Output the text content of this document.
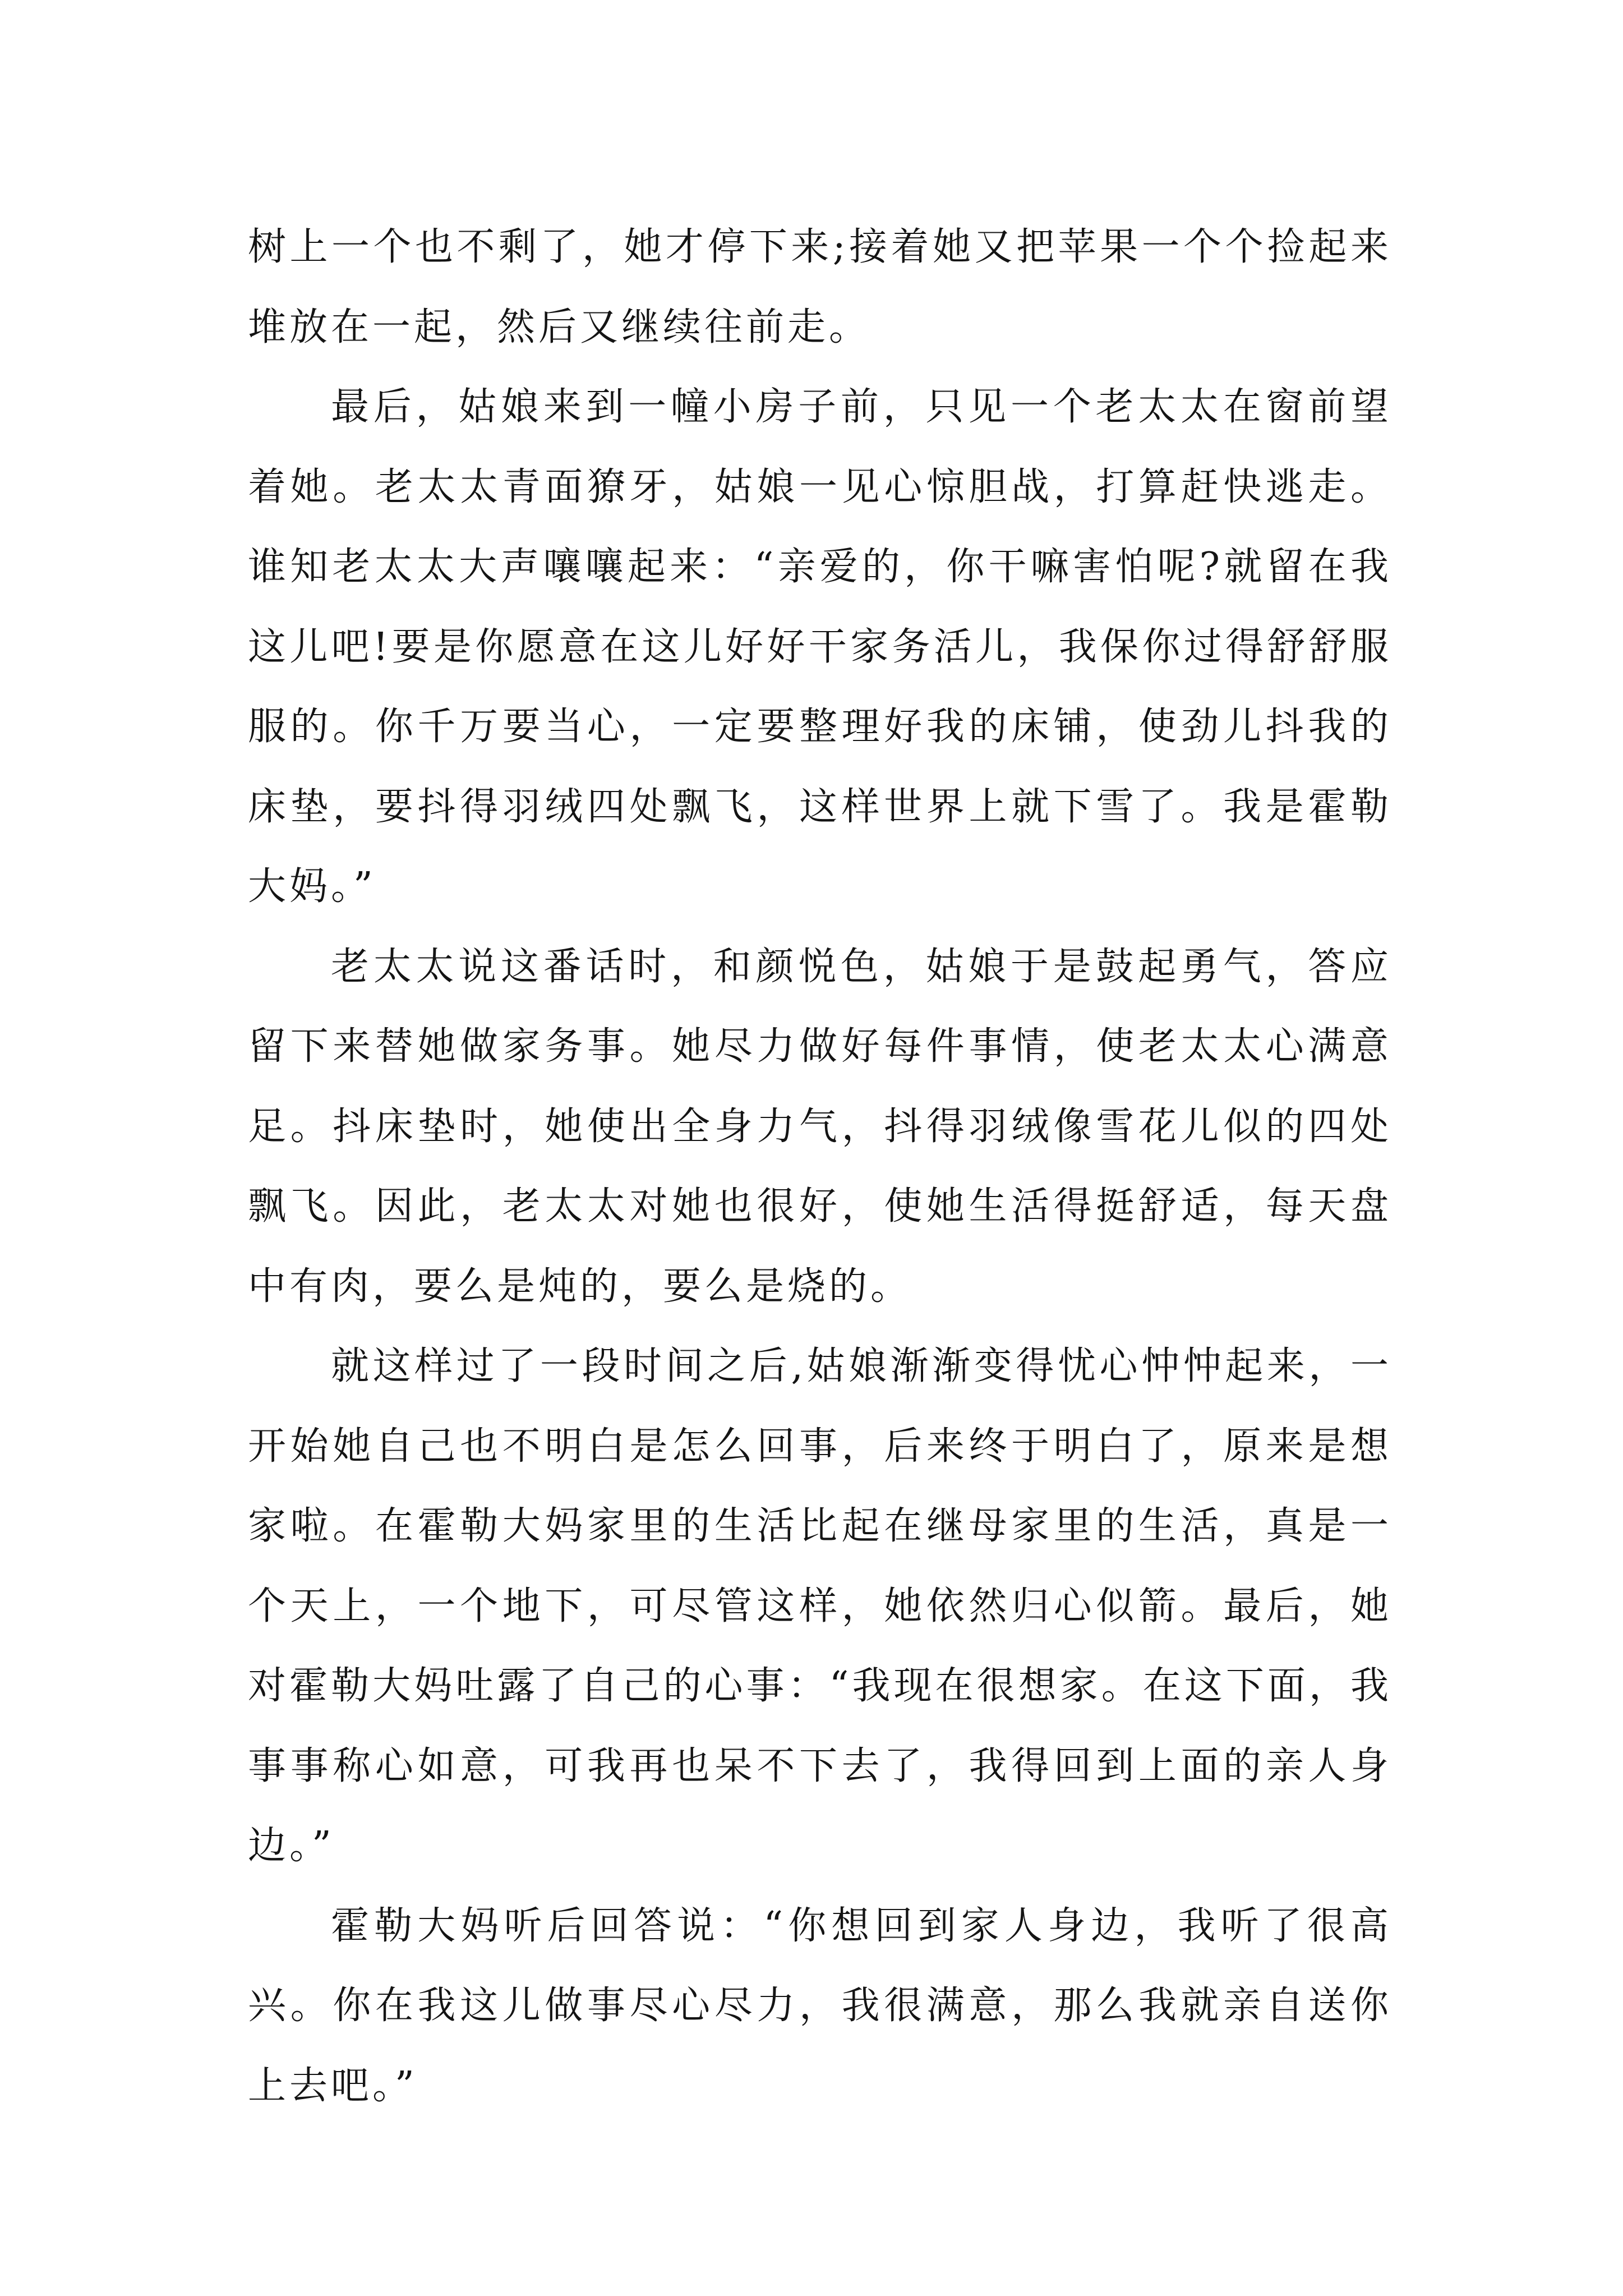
树上一个也不剩了，她才停下来;接着她又把苹果一个个捡起来堆放在一起，然后又继续往前走。

最后，姑娘来到一幢小房子前，只见一个老太太在窗前望着她。老太太青面獠牙，姑娘一见心惊胆战，打算赶快逃走。谁知老太太大声嚷嚷起来：“亲爱的，你干嘛害怕呢?就留在我这儿吧!要是你愿意在这儿好好干家务活儿，我保你过得舒舒服服的。你千万要当心，一定要整理好我的床铺，使劲儿抖我的床垫，要抖得羽绒四处飘飞，这样世界上就下雪了。我是霍勒大妈。”

老太太说这番话时，和颜悦色，姑娘于是鼓起勇气，答应留下来替她做家务事。她尽力做好每件事情，使老太太心满意足。抖床垫时，她使出全身力气，抖得羽绒像雪花儿似的四处飘飞。因此，老太太对她也很好，使她生活得挺舒适，每天盘中有肉，要么是炖的，要么是烧的。

就这样过了一段时间之后,姑娘渐渐变得忧心忡忡起来，一开始她自己也不明白是怎么回事，后来终于明白了，原来是想家啦。在霍勒大妈家里的生活比起在继母家里的生活，真是一个天上，一个地下，可尽管这样，她依然归心似箭。最后，她对霍勒大妈吐露了自己的心事：“我现在很想家。在这下面，我事事称心如意，可我再也呆不下去了，我得回到上面的亲人身边。”

霍勒大妈听后回答说：“你想回到家人身边，我听了很高兴。你在我这儿做事尽心尽力，我很满意，那么我就亲自送你上去吧。”
